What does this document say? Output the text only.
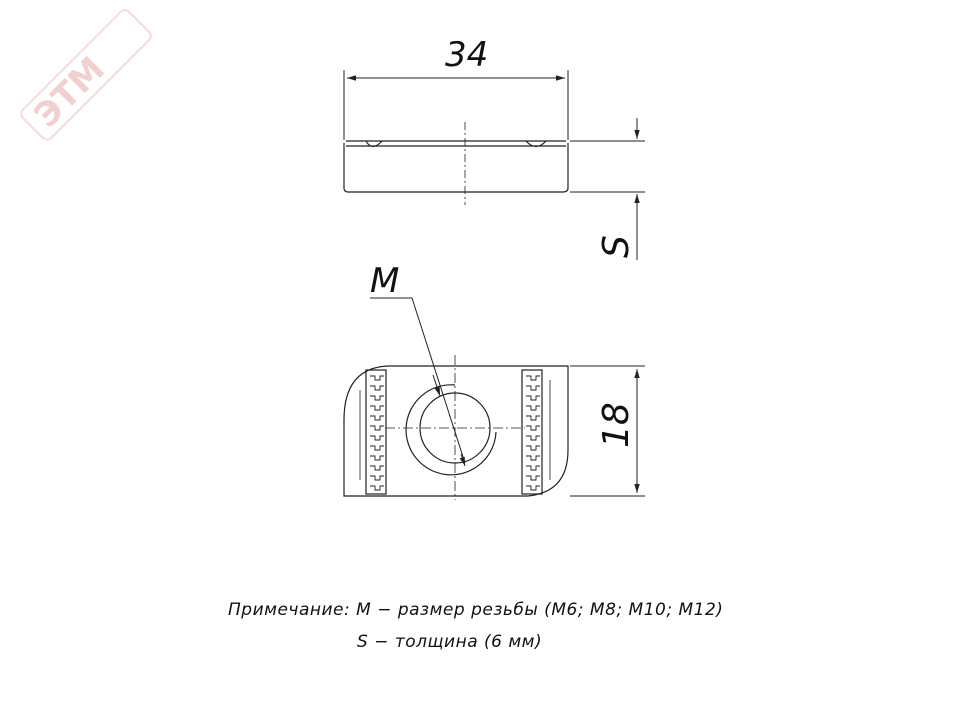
ЭТМ	34
S
M
18
Примечание: М − размер резьбы (М6; М8; М10; М12)
S − толщина (6 мм)
